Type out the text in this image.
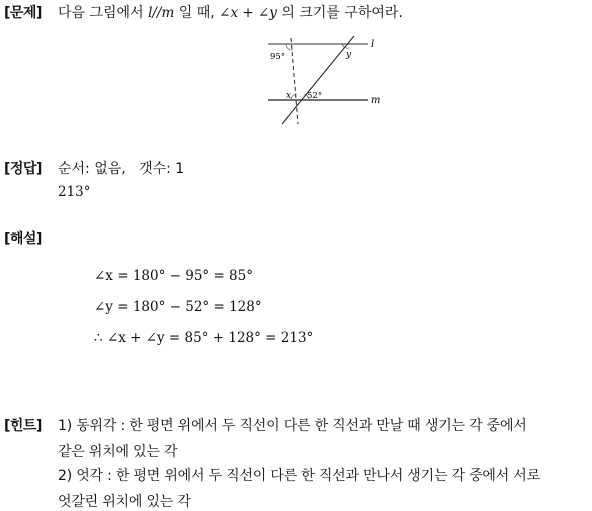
[문제] 다음 그림에서 l//m 일 때, ∠x + ∠y 의 크기를 구하여라.
l
m
95°	y
x 52°
[정답] 순서: 없음, 갯수: 1
213°
[해설]
∠x = 180° − 95° = 85°
∠y = 180° − 52° = 128°
∴ ∠x + ∠y = 85° + 128° = 213°
[힌트] 1) 동위각 : 한 평면 위에서 두 직선이 다른 한 직선과 만날 때 생기는 각 중에서
같은 위치에 있는 각
2) 엇각 : 한 평면 위에서 두 직선이 다른 한 직선과 만나서 생기는 각 중에서 서로
엇갈린 위치에 있는 각
